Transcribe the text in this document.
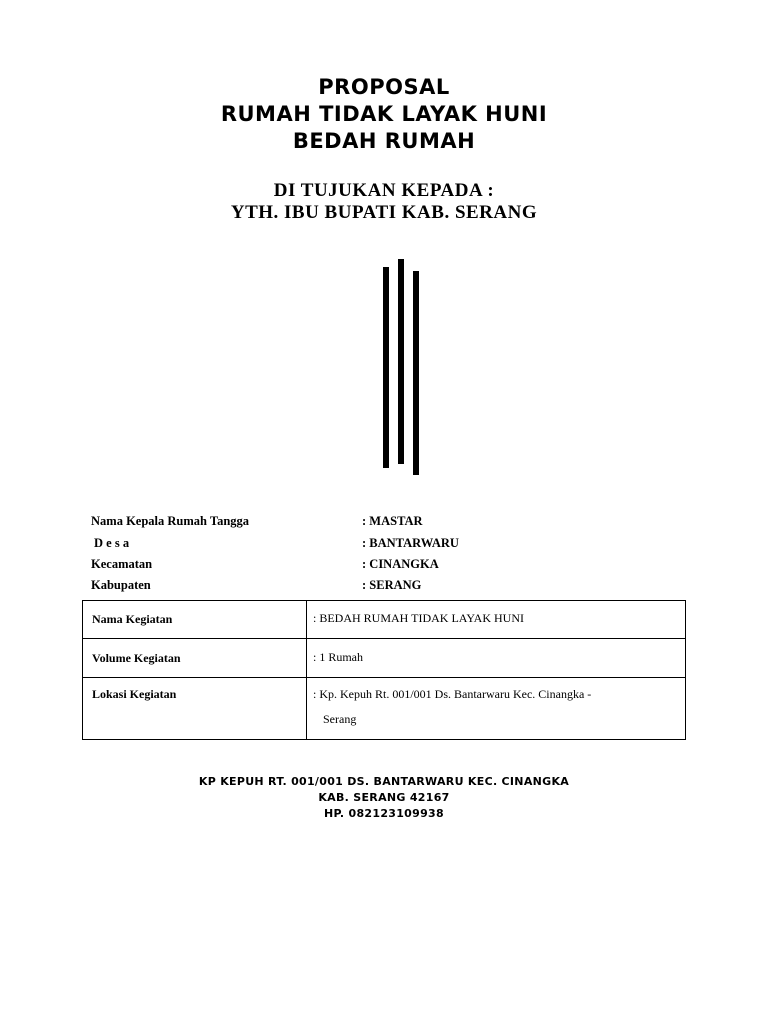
PROPOSAL
RUMAH TIDAK LAYAK HUNI
BEDAH RUMAH
DI TUJUKAN KEPADA :
YTH. IBU BUPATI KAB. SERANG
Nama Kepala Rumah Tangga	: MASTAR
D e s a	: BANTARWARU
Kecamatan	: CINANGKA
Kabupaten	: SERANG
Nama Kegiatan	: BEDAH RUMAH TIDAK LAYAK HUNI
Volume Kegiatan	: 1 Rumah
Lokasi Kegiatan	: Kp. Kepuh Rt. 001/001 Ds. Bantarwaru Kec. Cinangka -
Serang
KP KEPUH RT. 001/001 DS. BANTARWARU KEC. CINANGKA
KAB. SERANG 42167
HP. 082123109938
